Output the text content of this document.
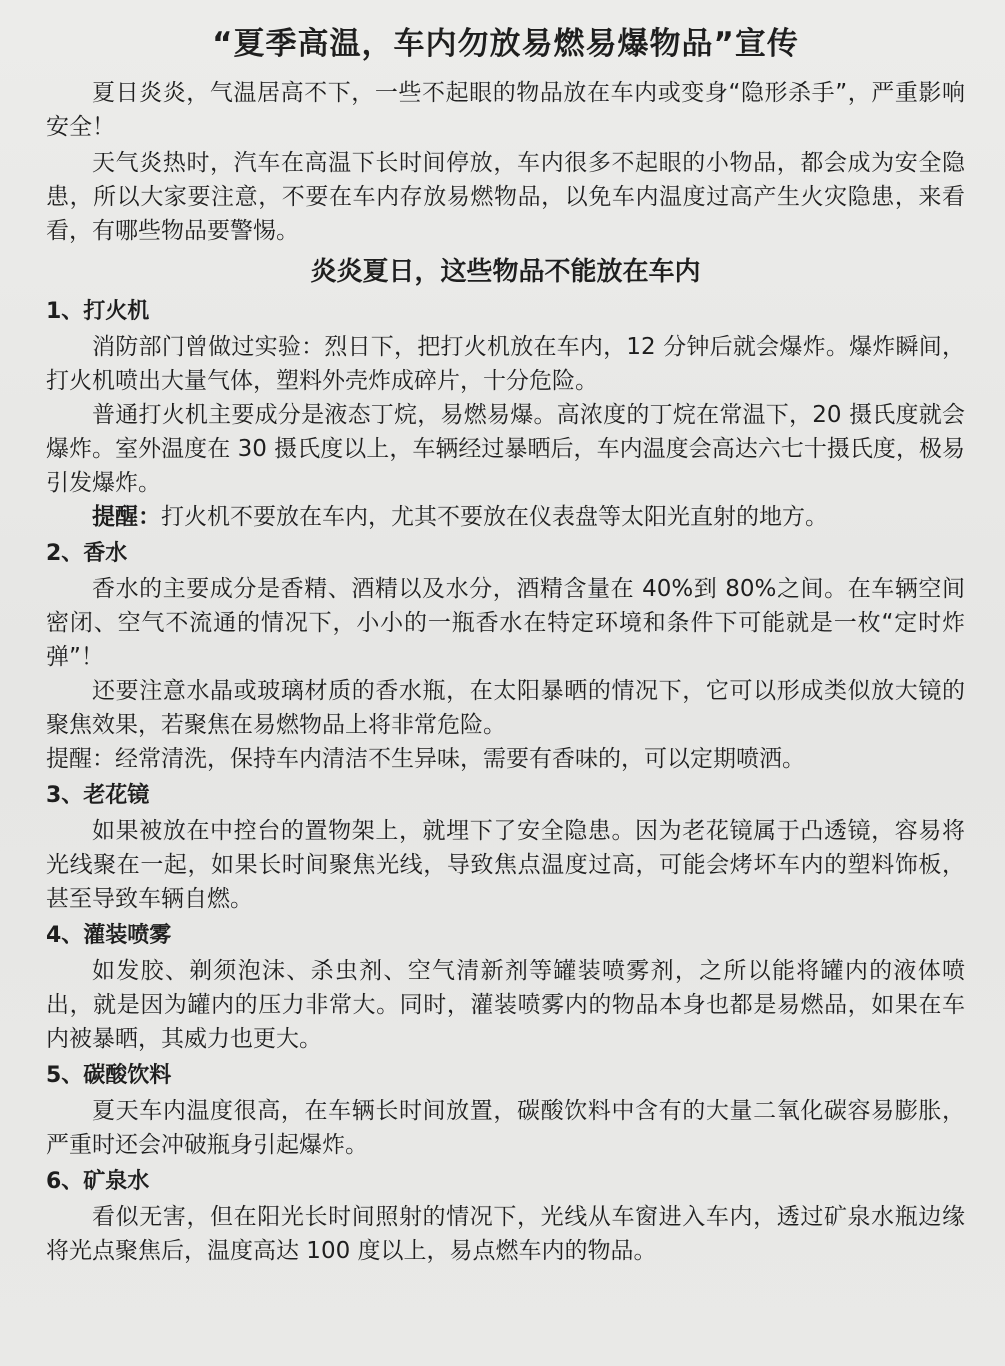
“夏季高温，车内勿放易燃易爆物品”宣传

夏日炎炎，气温居高不下，一些不起眼的物品放在车内或变身“隐形杀手”，严重影响安全！

天气炎热时，汽车在高温下长时间停放，车内很多不起眼的小物品，都会成为安全隐患，所以大家要注意，不要在车内存放易燃物品，以免车内温度过高产生火灾隐患，来看看，有哪些物品要警惕。

炎炎夏日，这些物品不能放在车内
1、打火机

消防部门曾做过实验：烈日下，把打火机放在车内，12 分钟后就会爆炸。爆炸瞬间，打火机喷出大量气体，塑料外壳炸成碎片，十分危险。

普通打火机主要成分是液态丁烷，易燃易爆。高浓度的丁烷在常温下，20 摄氏度就会爆炸。室外温度在 30 摄氏度以上，车辆经过暴晒后，车内温度会高达六七十摄氏度，极易引发爆炸。

提醒：打火机不要放在车内，尤其不要放在仪表盘等太阳光直射的地方。

2、香水

香水的主要成分是香精、酒精以及水分，酒精含量在 40%到 80%之间。在车辆空间密闭、空气不流通的情况下，小小的一瓶香水在特定环境和条件下可能就是一枚“定时炸弹”！

还要注意水晶或玻璃材质的香水瓶，在太阳暴晒的情况下，它可以形成类似放大镜的聚焦效果，若聚焦在易燃物品上将非常危险。

提醒：经常清洗，保持车内清洁不生异味，需要有香味的，可以定期喷洒。

3、老花镜

如果被放在中控台的置物架上，就埋下了安全隐患。因为老花镜属于凸透镜，容易将光线聚在一起，如果长时间聚焦光线，导致焦点温度过高，可能会烤坏车内的塑料饰板，甚至导致车辆自燃。

4、灌装喷雾

如发胶、剃须泡沫、杀虫剂、空气清新剂等罐装喷雾剂，之所以能将罐内的液体喷出，就是因为罐内的压力非常大。同时，灌装喷雾内的物品本身也都是易燃品，如果在车内被暴晒，其威力也更大。

5、碳酸饮料

夏天车内温度很高，在车辆长时间放置，碳酸饮料中含有的大量二氧化碳容易膨胀，严重时还会冲破瓶身引起爆炸。

6、矿泉水

看似无害，但在阳光长时间照射的情况下，光线从车窗进入车内，透过矿泉水瓶边缘将光点聚焦后，温度高达 100 度以上，易点燃车内的物品。
